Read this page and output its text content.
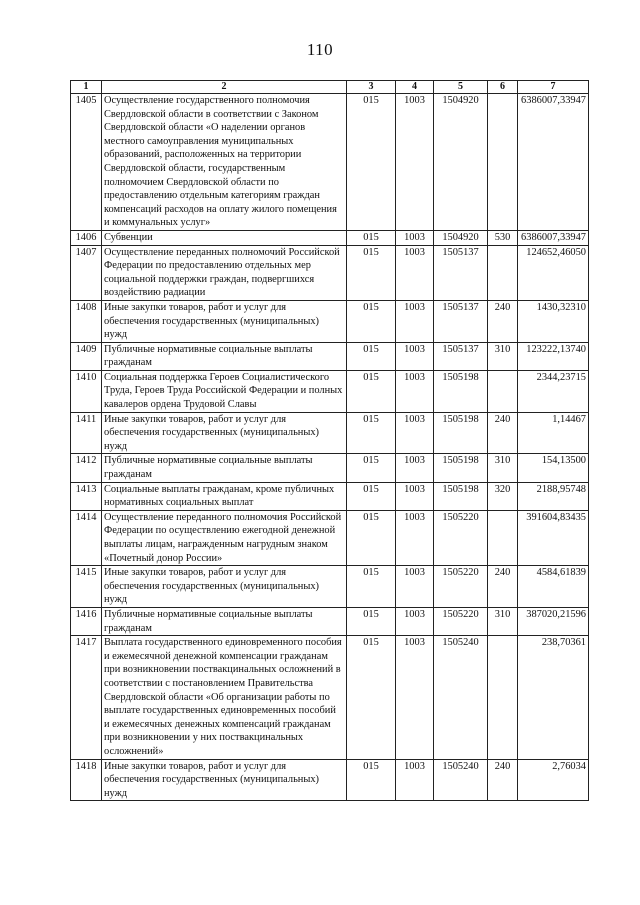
110
1	2	3	4	5	6	7
1405	Осуществление государственного полномочия Свердловской области в соответствии с Законом Свердловской области «О наделении органов местного самоуправления муниципальных образований, расположенных на территории Свердловской области, государственным полномочием Свердловской области по предоставлению отдельным категориям граждан компенсаций расходов на оплату жилого помещения и коммунальных услуг»	015	1003	1504920		6386007,33947
1406	Субвенции	015	1003	1504920	530	6386007,33947
1407	Осуществление переданных полномочий Российской Федерации по предоставлению отдельных мер социальной поддержки граждан, подвергшихся воздействию радиации	015	1003	1505137		124652,46050
1408	Иные закупки товаров, работ и услуг для обеспечения государственных (муниципальных) нужд	015	1003	1505137	240	1430,32310
1409	Публичные нормативные социальные выплаты гражданам	015	1003	1505137	310	123222,13740
1410	Социальная поддержка Героев Социалистического Труда, Героев Труда Российской Федерации и полных кавалеров ордена Трудовой Славы	015	1003	1505198		2344,23715
1411	Иные закупки товаров, работ и услуг для обеспечения государственных (муниципальных) нужд	015	1003	1505198	240	1,14467
1412	Публичные нормативные социальные выплаты гражданам	015	1003	1505198	310	154,13500
1413	Социальные выплаты гражданам, кроме публичных нормативных социальных выплат	015	1003	1505198	320	2188,95748
1414	Осуществление переданного полномочия Российской Федерации по осуществлению ежегодной денежной выплаты лицам, награжденным нагрудным знаком «Почетный донор России»	015	1003	1505220		391604,83435
1415	Иные закупки товаров, работ и услуг для обеспечения государственных (муниципальных) нужд	015	1003	1505220	240	4584,61839
1416	Публичные нормативные социальные выплаты гражданам	015	1003	1505220	310	387020,21596
1417	Выплата государственного единовременного пособия и ежемесячной денежной компенсации гражданам при возникновении поствакцинальных осложнений в соответствии с постановлением Правительства Свердловской области «Об организации работы по выплате государственных единовременных пособий и ежемесячных денежных компенсаций гражданам при возникновении у них поствакцинальных осложнений»	015	1003	1505240		238,70361
1418	Иные закупки товаров, работ и услуг для обеспечения государственных (муниципальных) нужд	015	1003	1505240	240	2,76034
